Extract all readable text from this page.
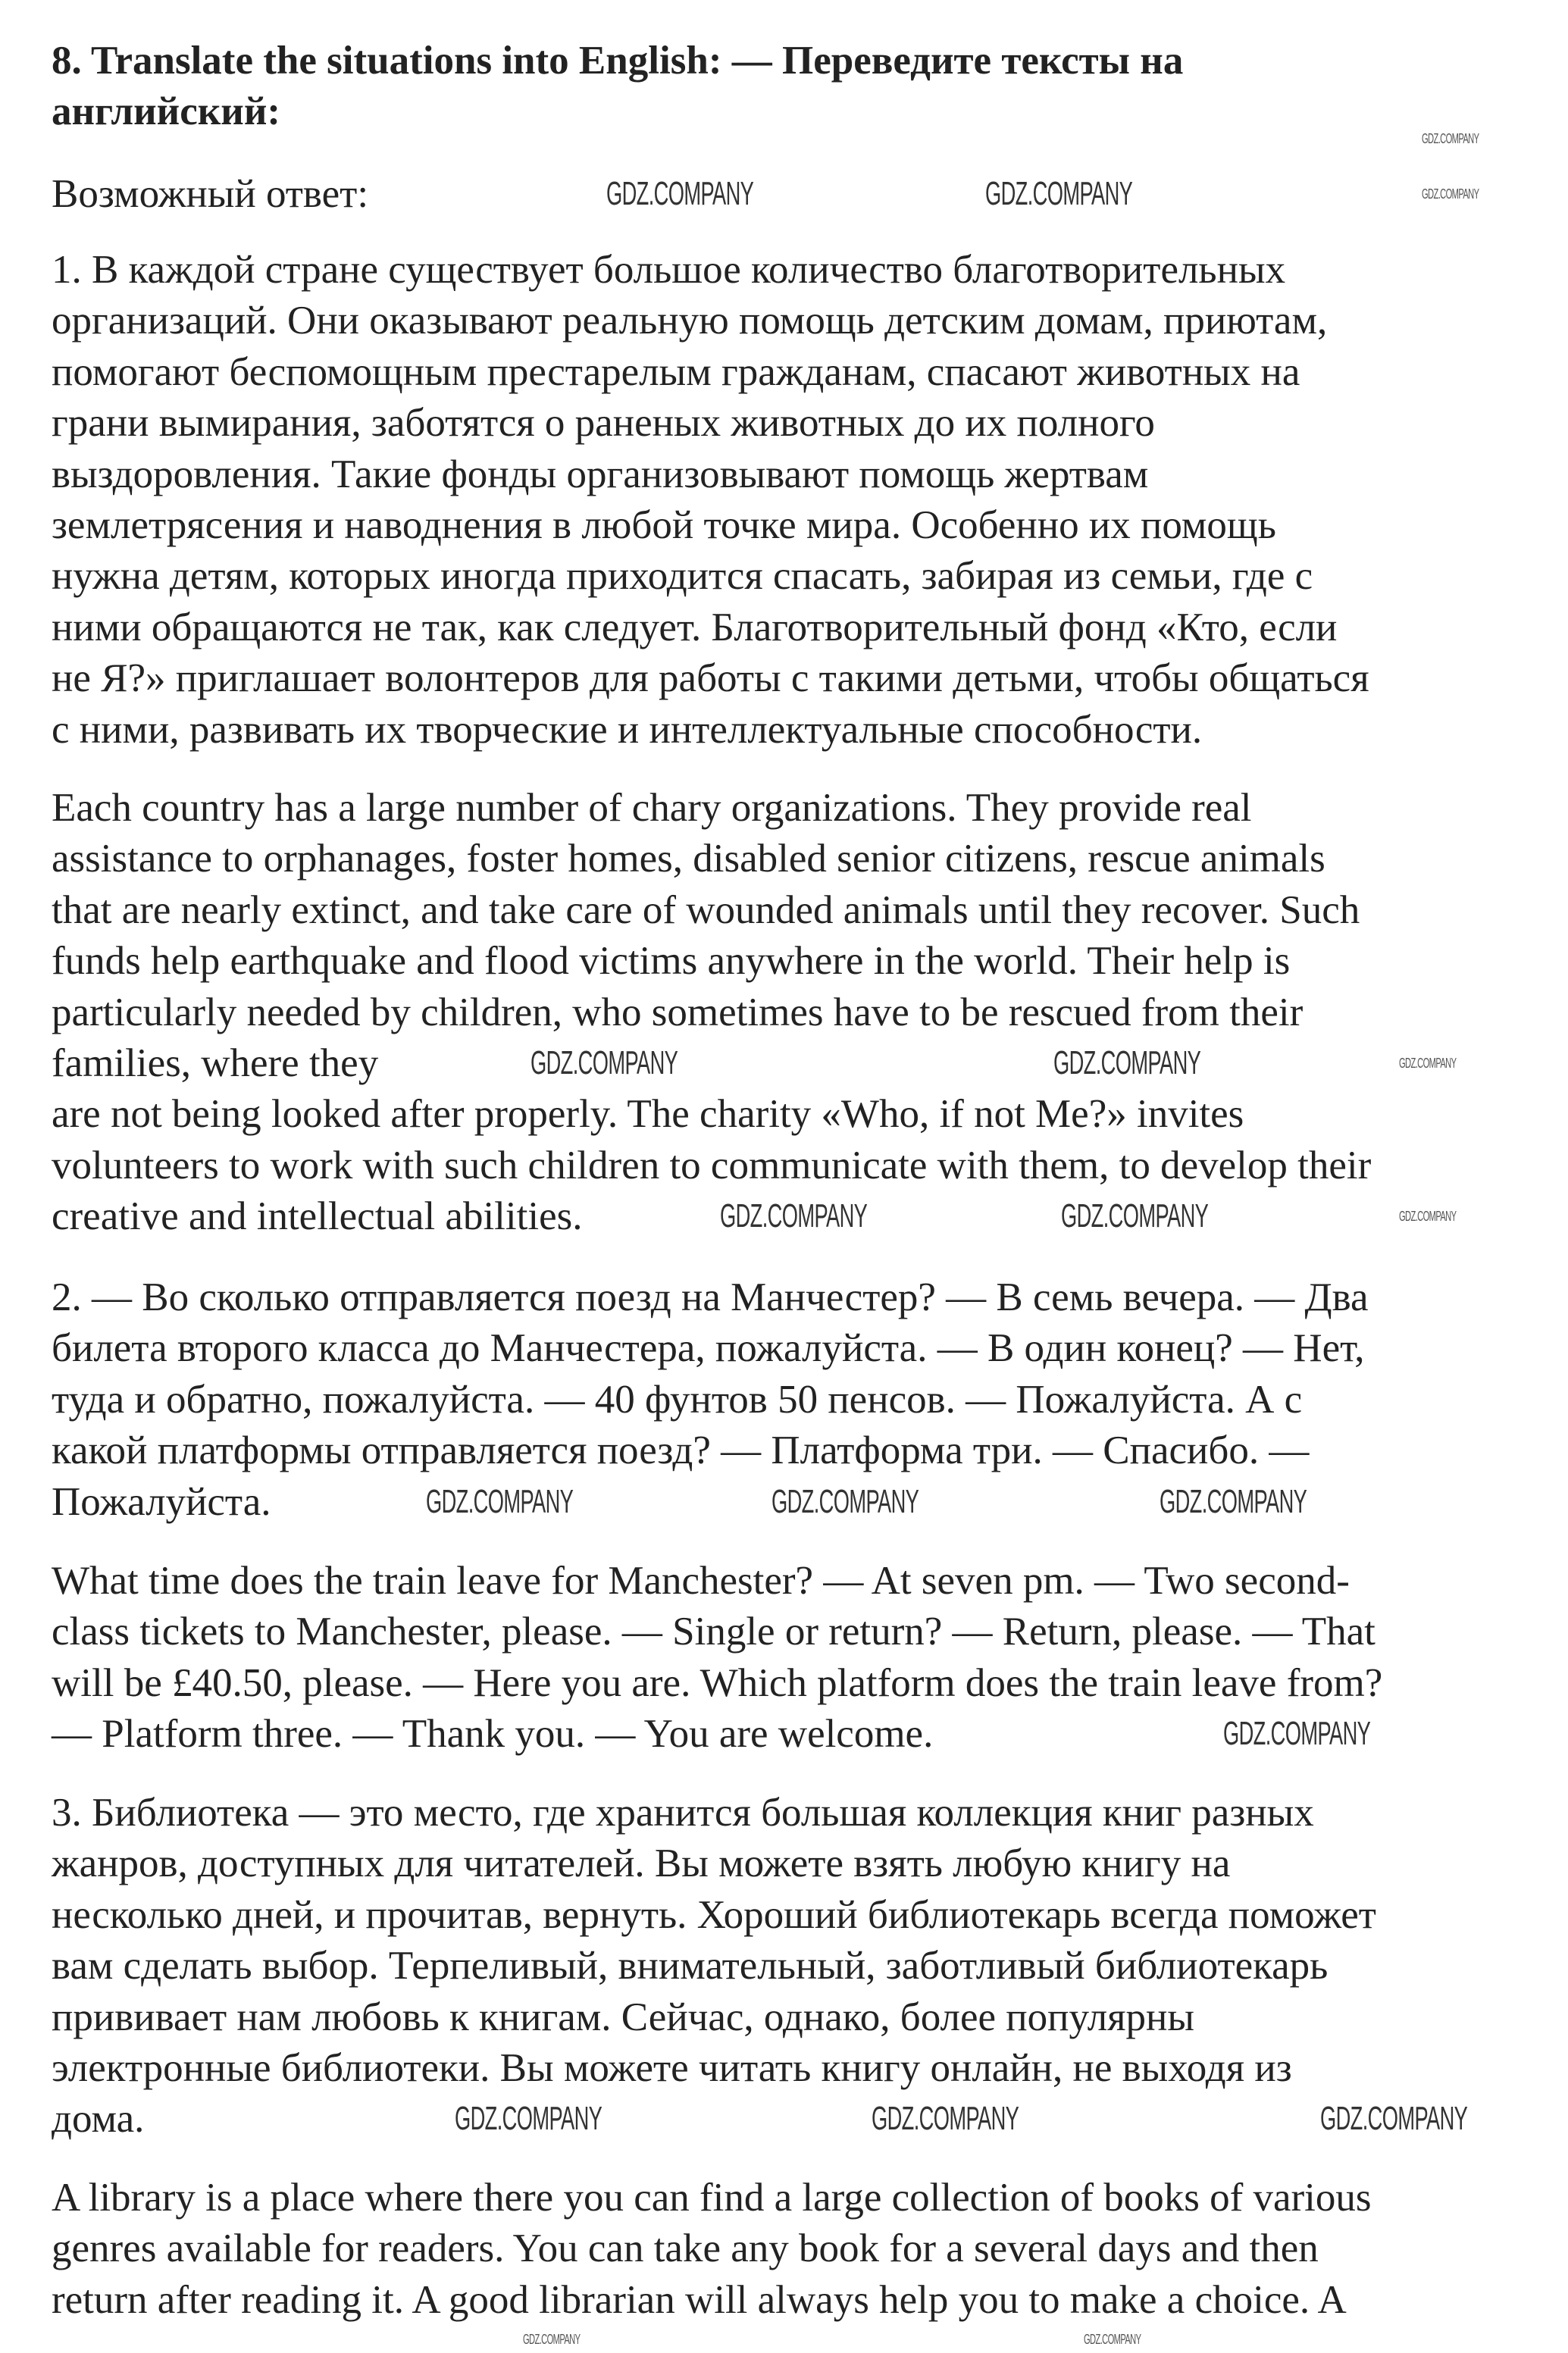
8. Translate the situations into English: — Переведите тексты на
английский:
Возможный ответ:
1. В каждой стране существует большое количество благотворительных
организаций. Они оказывают реальную помощь детским домам, приютам,
помогают беспомощным престарелым гражданам, спасают животных на
грани вымирания, заботятся о раненых животных до их полного
выздоровления. Такие фонды организовывают помощь жертвам
землетрясения и наводнения в любой точке мира. Особенно их помощь
нужна детям, которых иногда приходится спасать, забирая из семьи, где с
ними обращаются не так, как следует. Благотворительный фонд «Кто, если
не Я?» приглашает волонтеров для работы с такими детьми, чтобы общаться
с ними, развивать их творческие и интеллектуальные способности.
Each country has a large number of chary organizations. They provide real
assistance to orphanages, foster homes, disabled senior citizens, rescue animals
that are nearly extinct, and take care of wounded animals until they recover. Such
funds help earthquake and flood victims anywhere in the world. Their help is
particularly needed by children, who sometimes have to be rescued from their
families, where they
are not being looked after properly. The charity «Who, if not Me?» invites
volunteers to work with such children to communicate with them, to develop their
creative and intellectual abilities.
2. — Во сколько отправляется поезд на Манчестер? — В семь вечера. — Два
билета второго класса до Манчестера, пожалуйста. — В один конец? — Нет,
туда и обратно, пожалуйста. — 40 фунтов 50 пенсов. — Пожалуйста. А с
какой платформы отправляется поезд? — Платформа три. — Спасибо. —
Пожалуйста.
What time does the train leave for Manchester? — At seven pm. — Two second-
class tickets to Manchester, please. — Single or return? — Return, please. — That
will be £40.50, please. — Here you are. Which platform does the train leave from?
— Platform three. — Thank you. — You are welcome.
3. Библиотека — это место, где хранится большая коллекция книг разных
жанров, доступных для читателей. Вы можете взять любую книгу на
несколько дней, и прочитав, вернуть. Хороший библиотекарь всегда поможет
вам сделать выбор. Терпеливый, внимательный, заботливый библиотекарь
прививает нам любовь к книгам. Сейчас, однако, более популярны
электронные библиотеки. Вы можете читать книгу онлайн, не выходя из
дома.
A library is a place where there you can find a large collection of books of various
genres available for readers. You can take any book for a several days and then
return after reading it. A good librarian will always help you to make a choice. A
GDZ.COMPANY
GDZ.COMPANY	GDZ.COMPANY	GDZ.COMPANY
GDZ.COMPANY	GDZ.COMPANY	GDZ.COMPANY
GDZ.COMPANY	GDZ.COMPANY	GDZ.COMPANY
GDZ.COMPANY	GDZ.COMPANY	GDZ.COMPANY
GDZ.COMPANY
GDZ.COMPANY	GDZ.COMPANY	GDZ.COMPANY
GDZ.COMPANY	GDZ.COMPANY
